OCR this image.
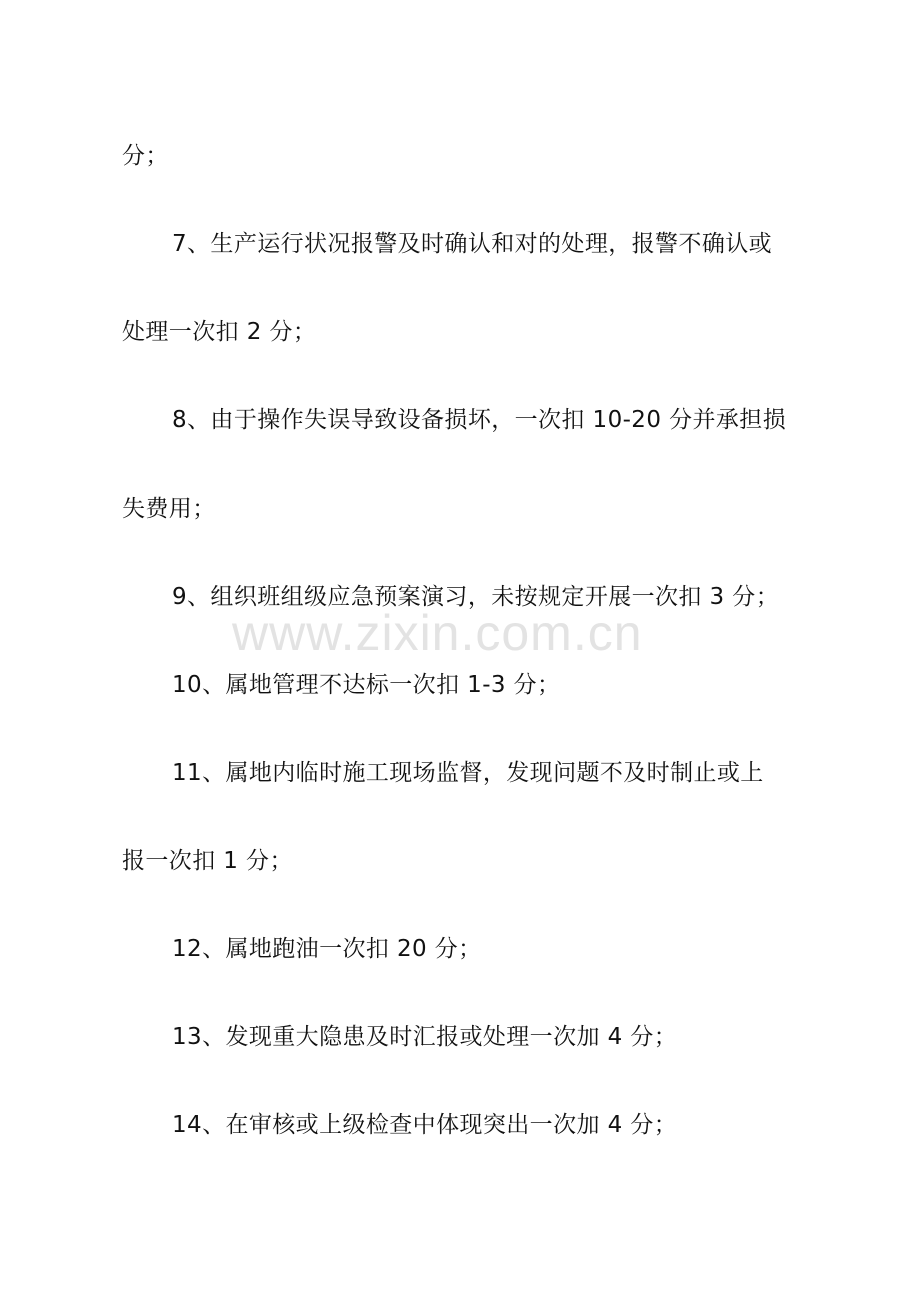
www.zixin.com.cn
分；
7、生产运行状况报警及时确认和对的处理，报警不确认或
处理一次扣 2 分；
8、由于操作失误导致设备损坏，一次扣 10-20 分并承担损
失费用；
9、组织班组级应急预案演习，未按规定开展一次扣 3 分；
10、属地管理不达标一次扣 1-3 分；
11、属地内临时施工现场监督，发现问题不及时制止或上
报一次扣 1 分；
12、属地跑油一次扣 20 分；
13、发现重大隐患及时汇报或处理一次加 4 分；
14、在审核或上级检查中体现突出一次加 4 分；
